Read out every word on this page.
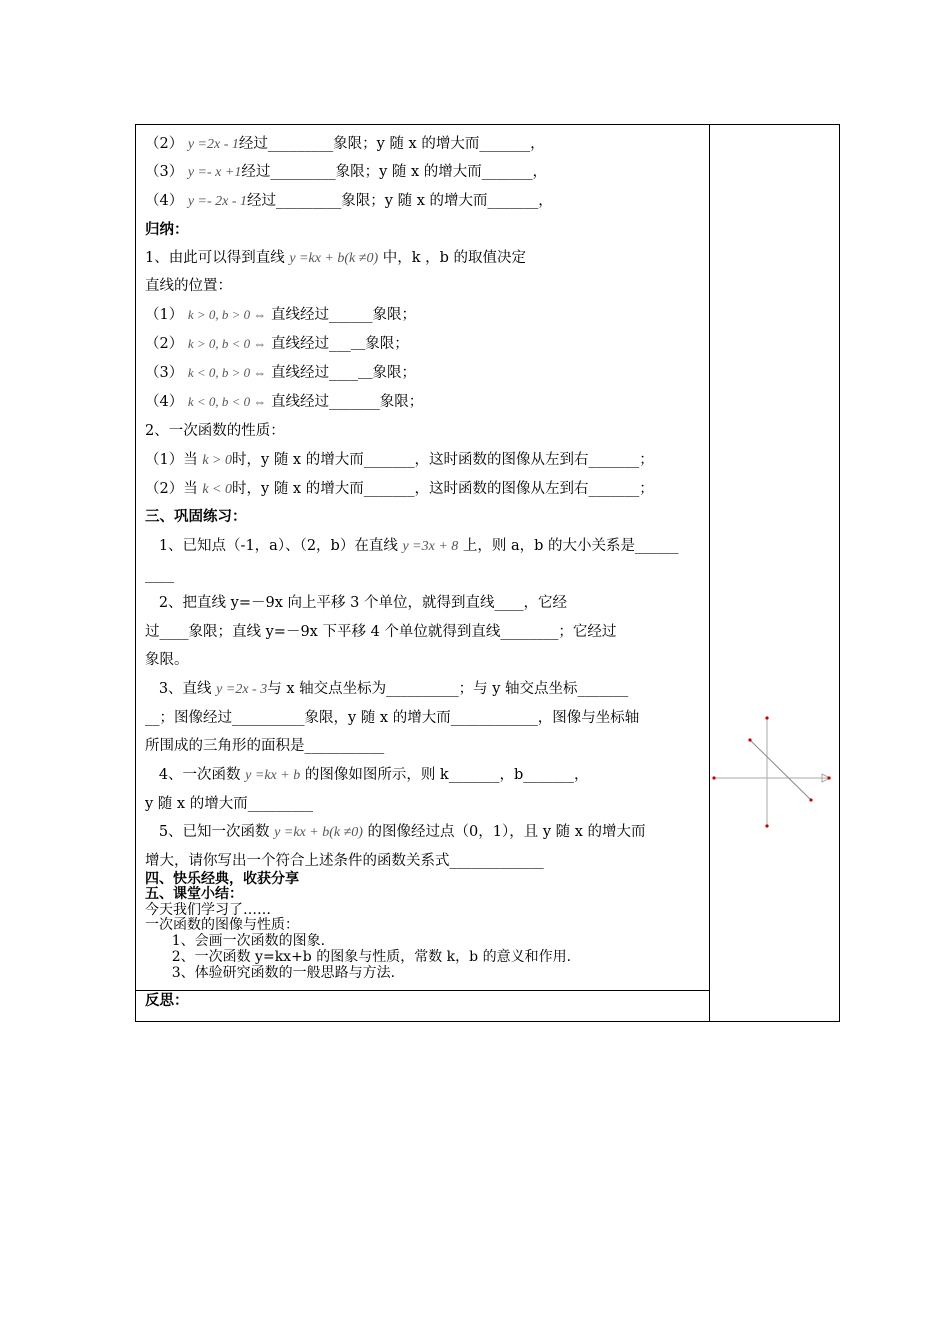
（2） y =2x - 1经过_________象限；y 随 x 的增大而_______，
（3） y =- x +1经过_________象限；y 随 x 的增大而_______，
（4） y =- 2x - 1经过_________象限；y 随 x 的增大而_______，
归纳：
1、由此可以得到直线 y =kx + b(k ≠0) 中，k ，b 的取值决定
直线的位置：
（1） k > 0, b > 0 ⇔ 直线经过______象限；
（2） k > 0, b < 0 ⇔ 直线经过___＿象限；
（3） k < 0, b > 0 ⇔ 直线经过____＿象限；
（4） k < 0, b < 0 ⇔ 直线经过_______象限；
2、一次函数的性质：
（1）当 k > 0时，y 随 x 的增大而_______，这时函数的图像从左到右_______；
（2）当 k < 0时，y 随 x 的增大而_______，这时函数的图像从左到右_______；
三、巩固练习：
1、已知点（-1，a）、（2，b）在直线 y =3x + 8 上，则 a，b 的大小关系是______
____
2、把直线 y=－9x 向上平移 3 个单位，就得到直线____，它经
过____象限；直线 y=－9x 下平移 4 个单位就得到直线________；它经过
象限。
3、直线 y =2x - 3与 x 轴交点坐标为__________；与 y 轴交点坐标_______
__；图像经过__________象限，y 随 x 的增大而____________，图像与坐标轴
所围成的三角形的面积是___________
4、一次函数 y =kx + b 的图像如图所示，则 k_______，b_______，
y 随 x 的增大而_________
5、已知一次函数 y =kx + b(k ≠0) 的图像经过点（0，1），且 y 随 x 的增大而
增大，请你写出一个符合上述条件的函数关系式_____________
四、快乐经典，收获分享
五、课堂小结：
今天我们学习了……
一次函数的图像与性质：
1、会画一次函数的图象.
2、一次函数 y=kx+b 的图象与性质，常数 k，b 的意义和作用.
3、体验研究函数的一般思路与方法.
反思：
